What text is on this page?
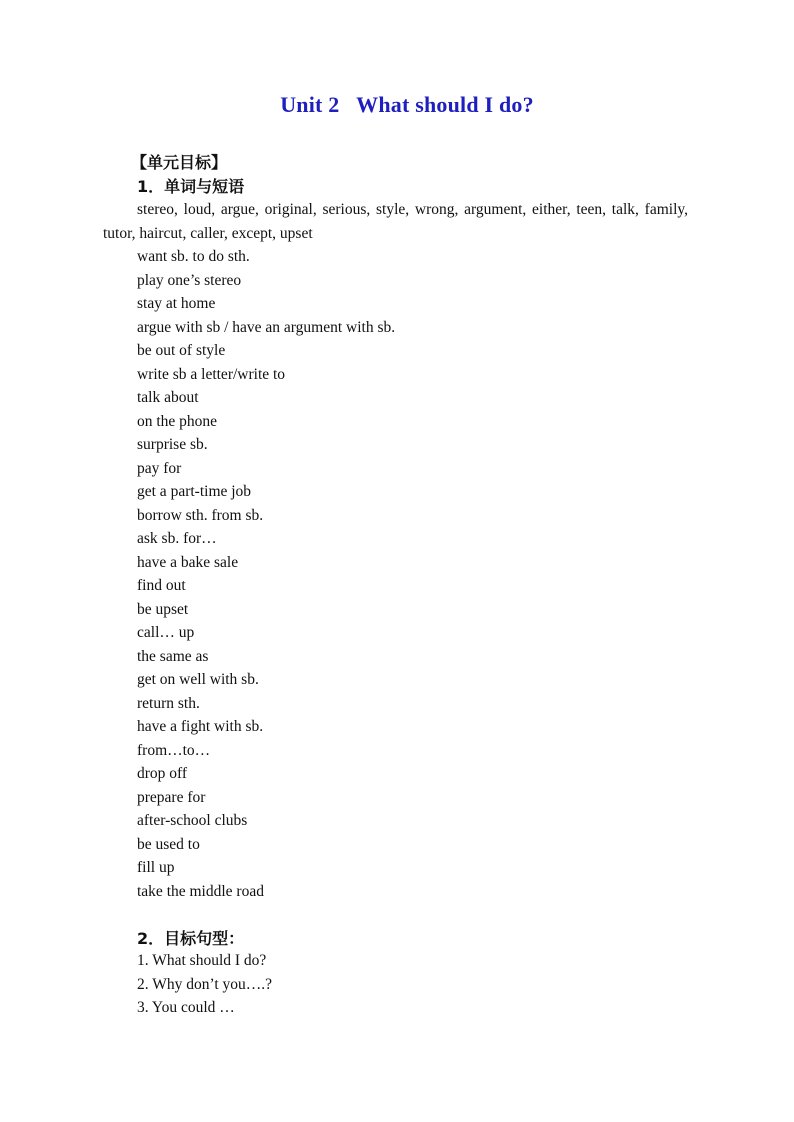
Unit 2   What should I do?
【单元目标】
1．单词与短语
stereo, loud, argue, original, serious, style, wrong, argument, either, teen, talk, family, tutor, haircut, caller, except, upset
want sb. to do sth.
play one’s stereo
stay at home
argue with sb / have an argument with sb.
be out of style
write sb a letter/write to
talk about
on the phone
surprise sb.
pay for
get a part-time job
borrow sth. from sb.
ask sb. for…
have a bake sale
find out
be upset
call… up
the same as
get on well with sb.
return sth.
have a fight with sb.
from…to…
drop off
prepare for
after-school clubs
be used to
fill up
take the middle road
2．目标句型：
1. What should I do?
2. Why don’t you….?
3. You could …
